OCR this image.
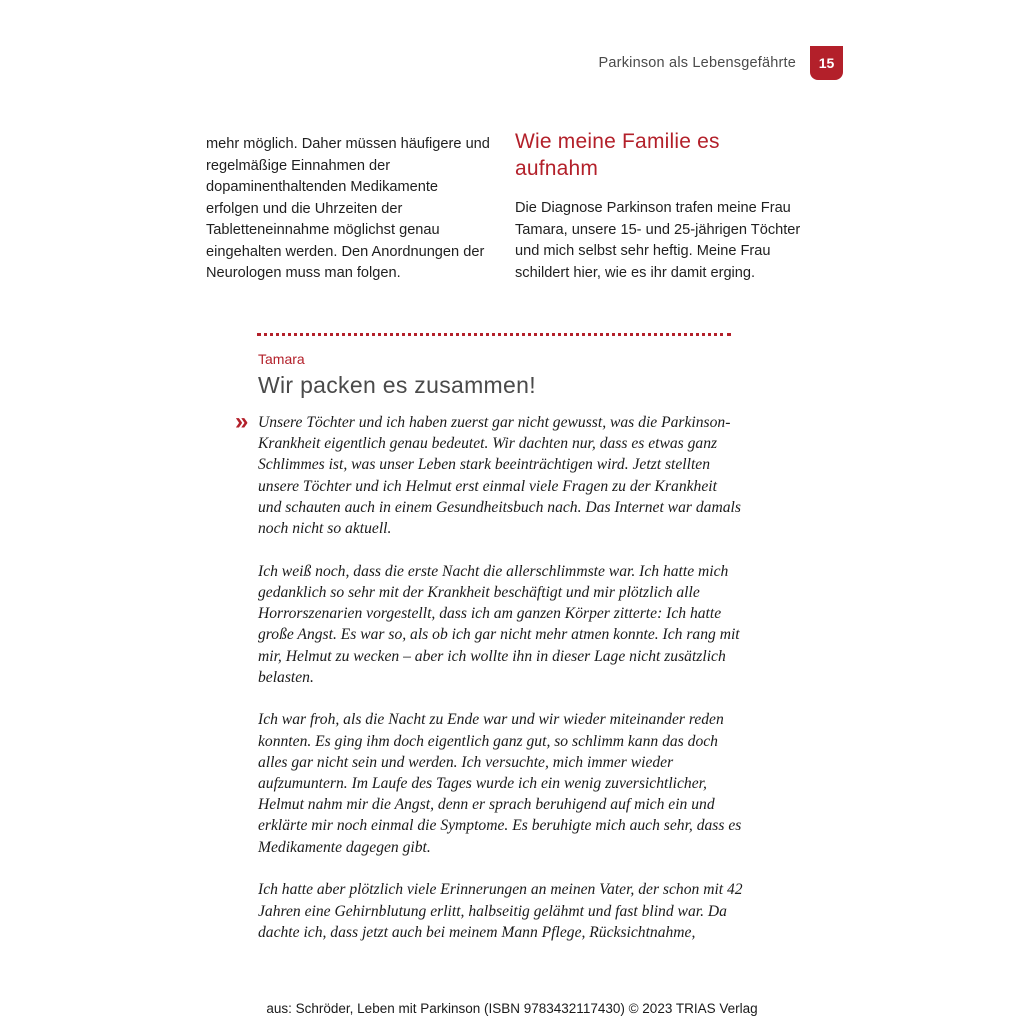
Parkinson als Lebensgefährte	15

mehr möglich. Daher müssen häufigere und regelmäßige Einnahmen der dopaminenthaltenden Medikamente erfolgen und die Uhrzeiten der Tabletteneinnahme möglichst genau eingehalten werden. Den Anordnungen der Neurologen muss man folgen.

Wie meine Familie es aufnahm

Die Diagnose Parkinson trafen meine Frau Tamara, unsere 15- und 25-jährigen Töchter und mich selbst sehr heftig. Meine Frau schildert hier, wie es ihr damit erging.

Tamara
Wir packen es zusammen!
» Unsere Töchter und ich haben zuerst gar nicht gewusst, was die Parkinson-Krankheit eigentlich genau bedeutet. Wir dachten nur, dass es etwas ganz Schlimmes ist, was unser Leben stark beeinträchtigen wird. Jetzt stellten unsere Töchter und ich Helmut erst einmal viele Fragen zu der Krankheit und schauten auch in einem Gesundheitsbuch nach. Das Internet war damals noch nicht so aktuell.

Ich weiß noch, dass die erste Nacht die allerschlimmste war. Ich hatte mich gedanklich so sehr mit der Krankheit beschäftigt und mir plötzlich alle Horrorszenarien vorgestellt, dass ich am ganzen Körper zitterte: Ich hatte große Angst. Es war so, als ob ich gar nicht mehr atmen konnte. Ich rang mit mir, Helmut zu wecken – aber ich wollte ihn in dieser Lage nicht zusätzlich belasten.

Ich war froh, als die Nacht zu Ende war und wir wieder miteinander reden konnten. Es ging ihm doch eigentlich ganz gut, so schlimm kann das doch alles gar nicht sein und werden. Ich versuchte, mich immer wieder aufzumuntern. Im Laufe des Tages wurde ich ein wenig zuversichtlicher, Helmut nahm mir die Angst, denn er sprach beruhigend auf mich ein und erklärte mir noch einmal die Symptome. Es beruhigte mich auch sehr, dass es Medikamente dagegen gibt.

Ich hatte aber plötzlich viele Erinnerungen an meinen Vater, der schon mit 42 Jahren eine Gehirnblutung erlitt, halbseitig gelähmt und fast blind war. Da dachte ich, dass jetzt auch bei meinem Mann Pflege, Rücksichtnahme,

aus: Schröder, Leben mit Parkinson (ISBN 9783432117430) © 2023 TRIAS Verlag
